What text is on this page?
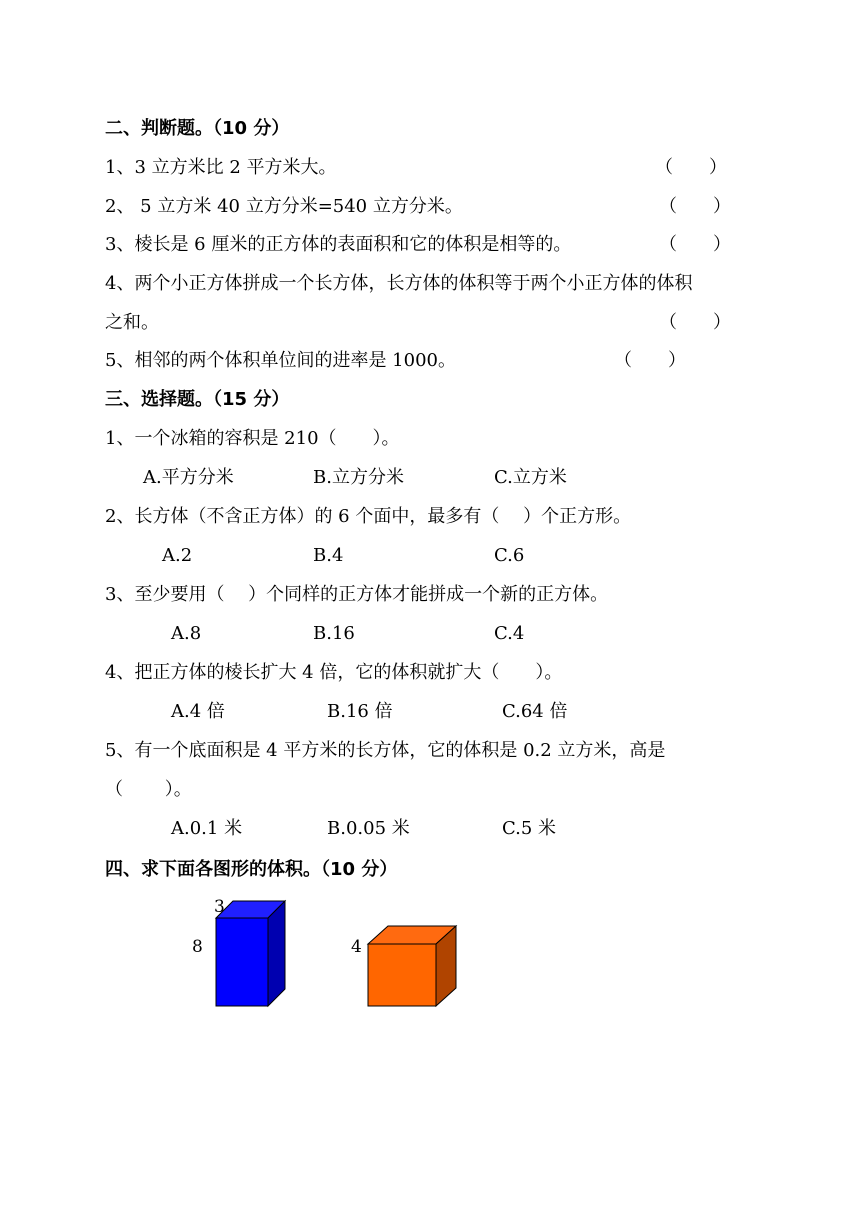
二、判断题。（10 分）
1、3 立方米比 2 平方米大。	（　　）
2、 5 立方米 40 立方分米=540 立方分米。	（　　）
3、棱长是 6 厘米的正方体的表面积和它的体积是相等的。	（　　）
4、两个小正方体拼成一个长方体，长方体的体积等于两个小正方体的体积
之和。	（　　）
5、相邻的两个体积单位间的进率是 1000。	（　　）
三、选择题。（15 分）
1、一个冰箱的容积是 210（　　）。
A.平方分米	B.立方分米	C.立方米
2、长方体（不含正方体）的 6 个面中，最多有（　 ）个正方形。
A.2	B.4	C.6
3、至少要用（　 ）个同样的正方体才能拼成一个新的正方体。
A.8	B.16	C.4
4、把正方体的棱长扩大 4 倍，它的体积就扩大（　　）。
A.4 倍	B.16 倍	C.64 倍
5、有一个底面积是 4 平方米的长方体，它的体积是 0.2 立方米，高是
（　　 ）。
A.0.1 米	B.0.05 米	C.5 米
四、求下面各图形的体积。（10 分）
3
8	4
